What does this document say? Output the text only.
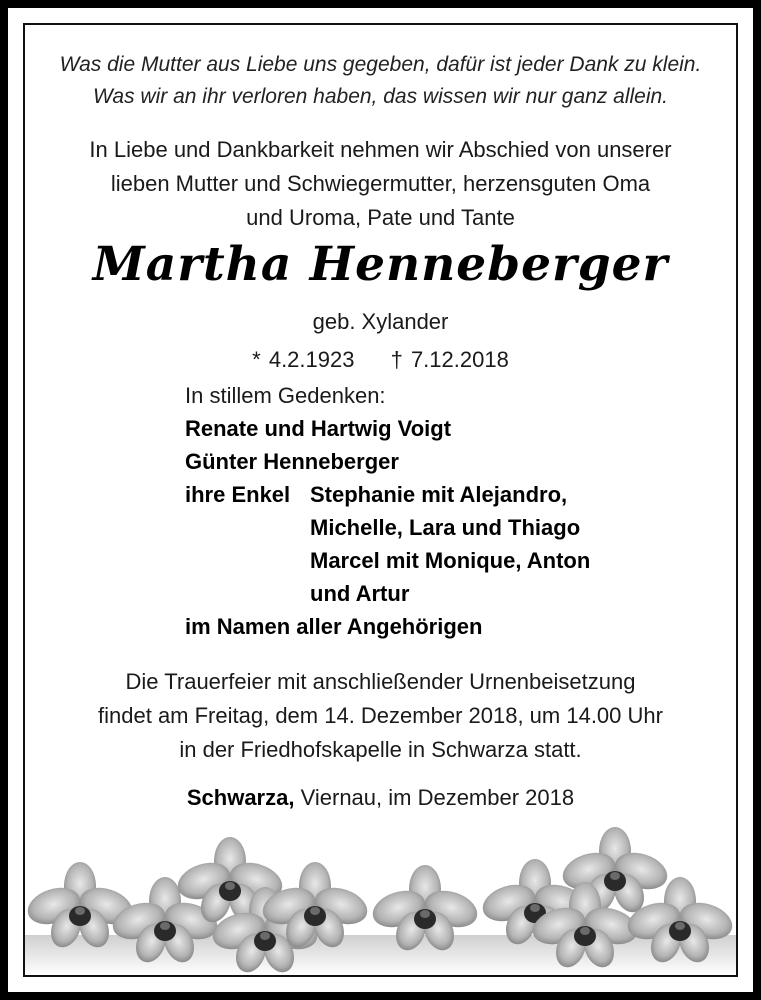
Was die Mutter aus Liebe uns gegeben, dafür ist jeder Dank zu klein.
Was wir an ihr verloren haben, das wissen wir nur ganz allein.
In Liebe und Dankbarkeit nehmen wir Abschied von unserer
lieben Mutter und Schwiegermutter, herzensguten Oma
und Uroma, Pate und Tante
Martha Henneberger
geb. Xylander
* 4.2.1923 † 7.12.2018
In stillem Gedenken:
Renate und Hartwig Voigt
Günter Henneberger
ihre Enkel Stephanie mit Alejandro,
Michelle, Lara und Thiago
Marcel mit Monique, Anton
und Artur
im Namen aller Angehörigen
Die Trauerfeier mit anschließender Urnenbeisetzung
findet am Freitag, dem 14. Dezember 2018, um 14.00 Uhr
in der Friedhofskapelle in Schwarza statt.
Schwarza, Viernau, im Dezember 2018
